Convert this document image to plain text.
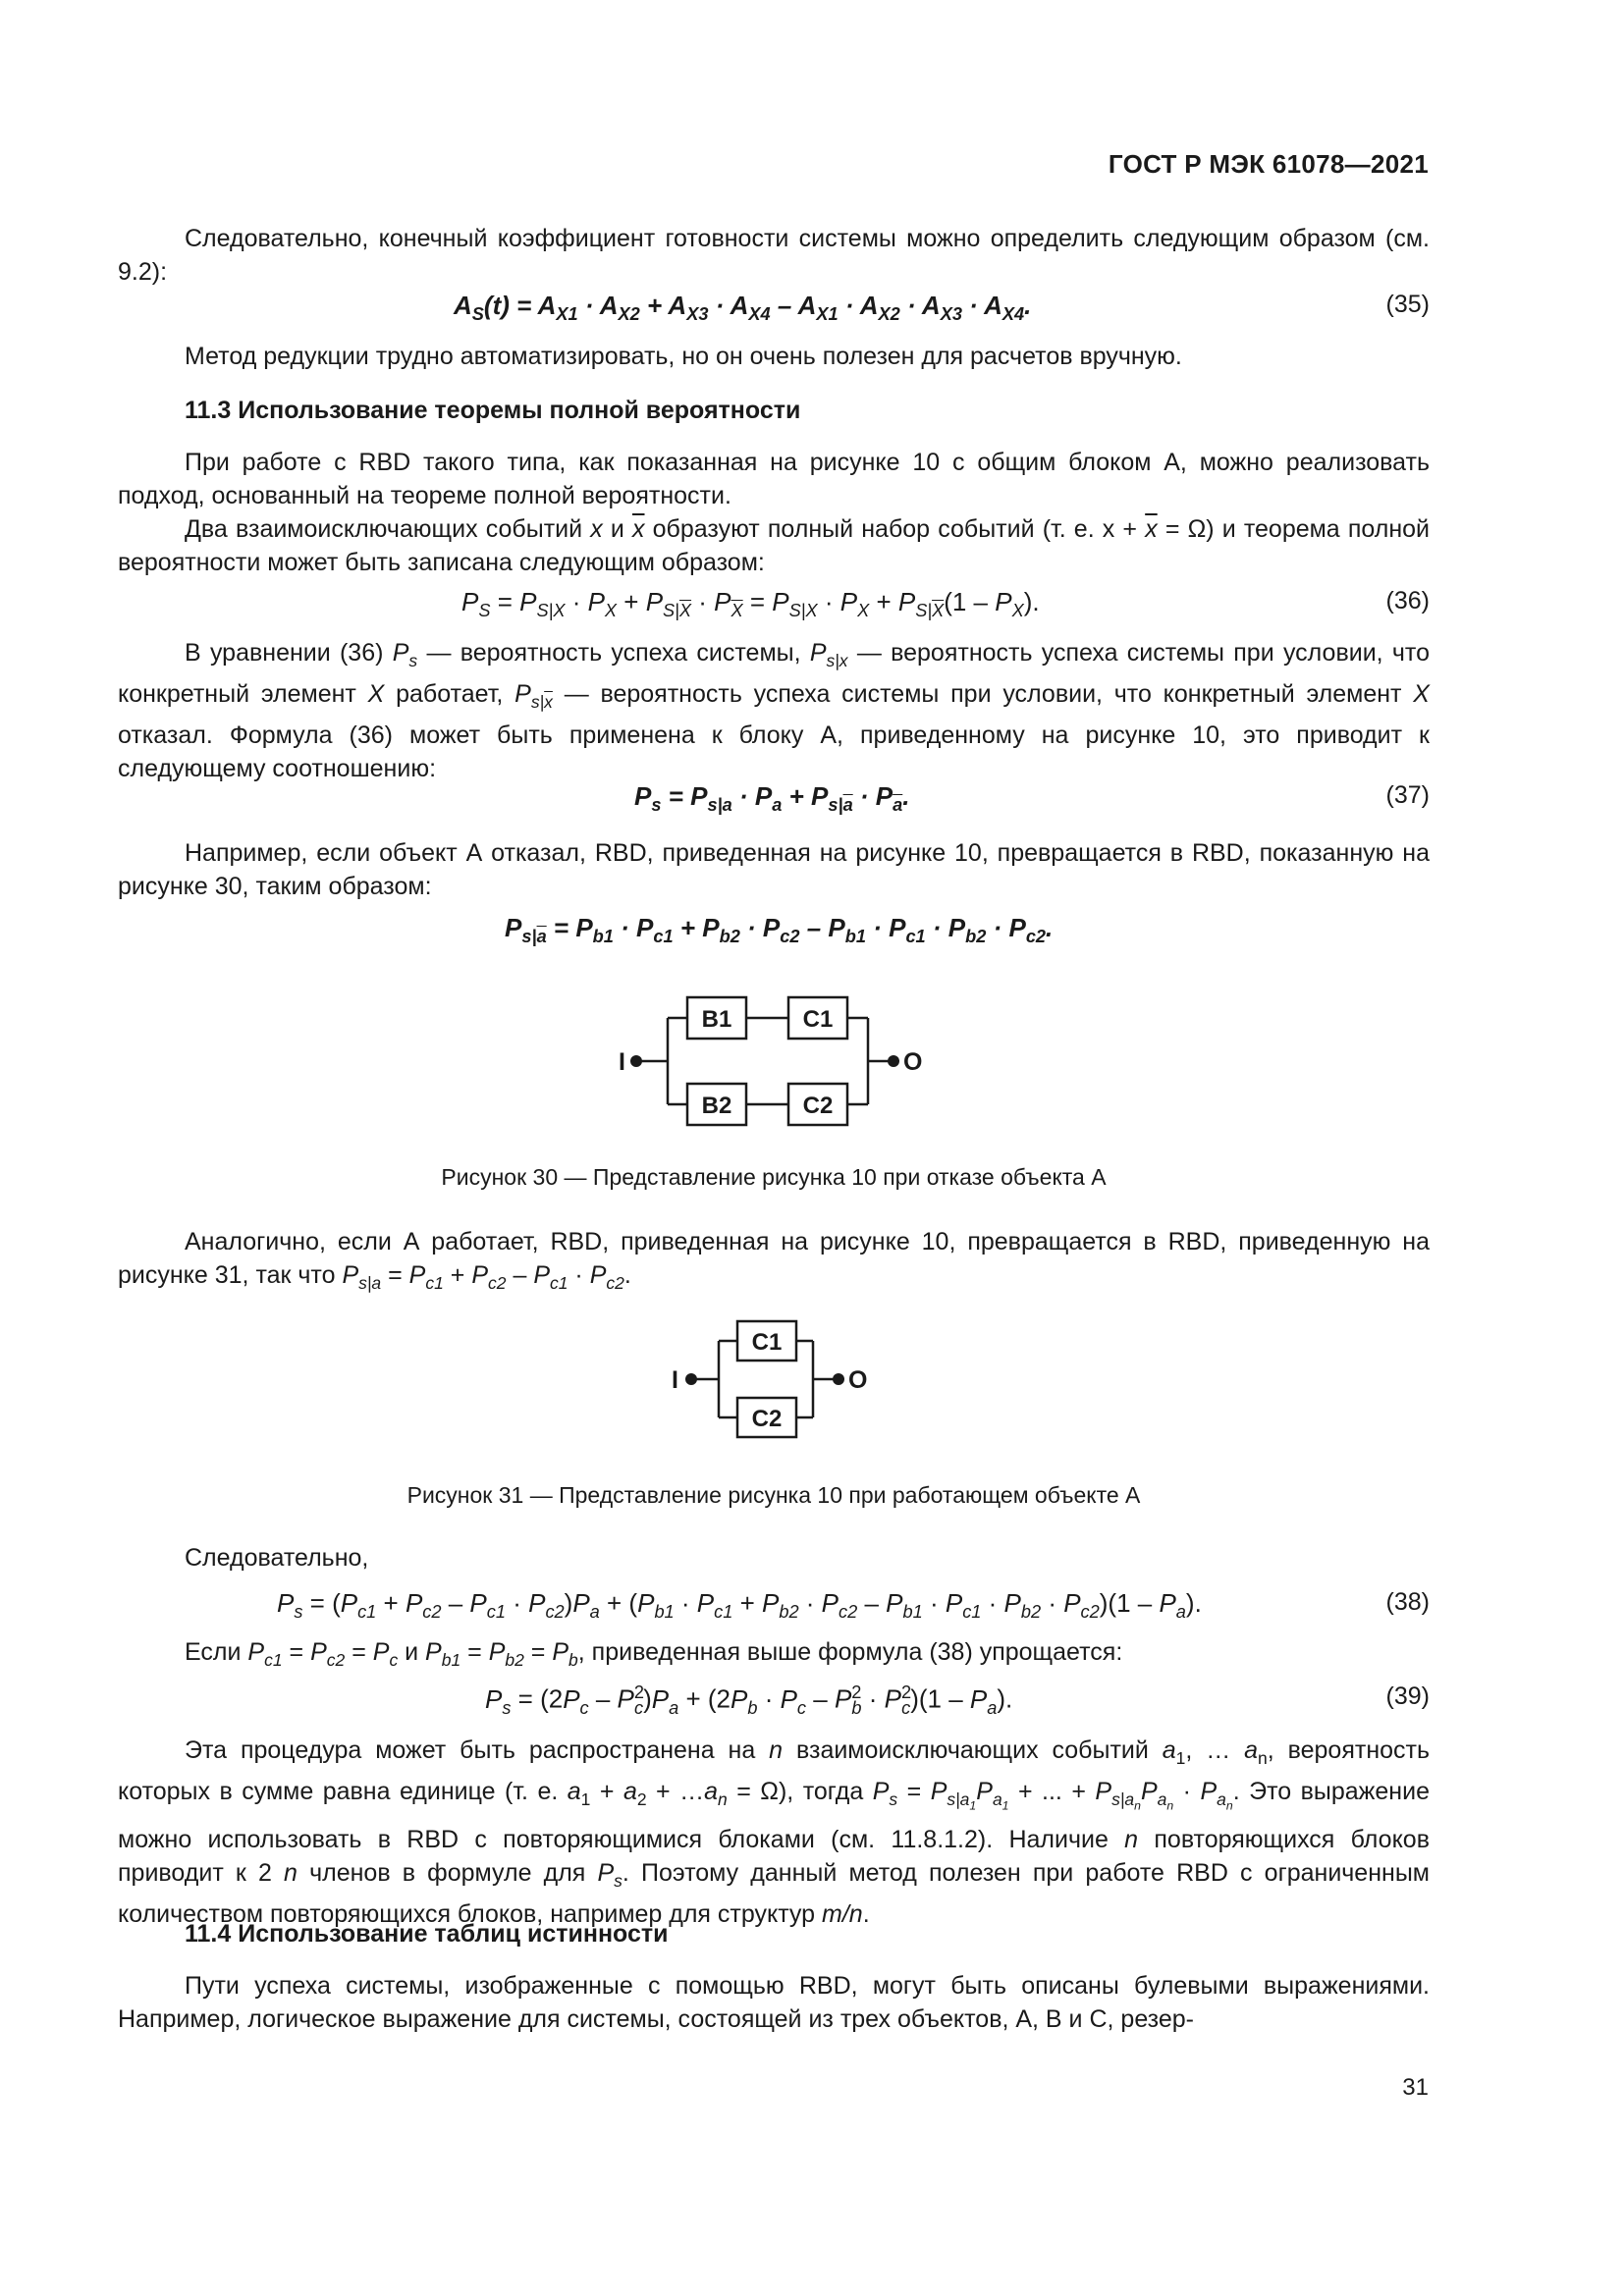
ГОСТ Р МЭК 61078—2021
Следовательно, конечный коэффициент готовности системы можно определить следующим образом (см. 9.2):
$A_S(t) = A_{X1} \cdot A_{X2} + A_{X3} \cdot A_{X4} - A_{X1} \cdot A_{X2} \cdot A_{X3} \cdot A_{X4}$.	(35)
Метод редукции трудно автоматизировать, но он очень полезен для расчетов вручную.
11.3 Использование теоремы полной вероятности
При работе с RBD такого типа, как показанная на рисунке 10 с общим блоком А, можно реализовать подход, основанный на теореме полной вероятности.
Два взаимоисключающих событий x и $\overline{x}$ образуют полный набор событий (т. е. $x + \overline{x} = \Omega$) и теорема полной вероятности может быть записана следующим образом:
$P_S = P_{S|X} \cdot P_X + P_{S|\overline{X}} \cdot P_{\overline{X}} = P_{S|X} \cdot P_X + P_{S|\overline{X}}(1 - P_X)$.	(36)
В уравнении (36) $P_s$ — вероятность успеха системы, $P_{s|x}$ — вероятность успеха системы при условии, что конкретный элемент X работает, $P_{s|\overline{x}}$ — вероятность успеха системы при условии, что конкретный элемент X отказал. Формула (36) может быть применена к блоку А, приведенному на рисунке 10, это приводит к следующему соотношению:
$P_s = P_{s|a} \cdot P_a + P_{s|\overline{a}} \cdot P_{\overline{a}}$.	(37)
Например, если объект А отказал, RBD, приведенная на рисунке 10, превращается в RBD, показанную на рисунке 30, таким образом:
$P_{s|\overline{a}} = P_{b1} \cdot P_{c1} + P_{b2} \cdot P_{c2} - P_{b1} \cdot P_{c1} \cdot P_{b2} \cdot P_{c2}$.
B1	C1
B2	C2
I	O
Рисунок 30 — Представление рисунка 10 при отказе объекта А
Аналогично, если А работает, RBD, приведенная на рисунке 10, превращается в RBD, приведенную на рисунке 31, так что $P_{s|a} = P_{c1} + P_{c2} - P_{c1} \cdot P_{c2}$.
C1
C2
I	O
Рисунок 31 — Представление рисунка 10 при работающем объекте А
Следовательно,
$P_s = (P_{c1} + P_{c2} - P_{c1} \cdot P_{c2})P_a + (P_{b1} \cdot P_{c1} + P_{b2} \cdot P_{c2} - P_{b1} \cdot P_{c1} \cdot P_{b2} \cdot P_{c2})(1 - P_a)$.	(38)
Если $P_{c1} = P_{c2} = P_c$ и $P_{b1} = P_{b2} = P_b$, приведенная выше формула (38) упрощается:
$P_s = (2P_c - P^2_c)P_a + (2P_b \cdot P_c - P^2_b \cdot P^2_c)(1 - P_a)$.	(39)
Эта процедура может быть распространена на n взаимоисключающих событий $a_1$, … $a_n$, вероятность которых в сумме равна единице (т. е. $a_1 + a_2$ + $\dots a_n = \Omega$), тогда $P_s = P_{s|a_1}P_{a_1}$ + ... + $P_{s|a_n}P_{a_n} \cdot P_{a_n}$. Это выражение можно использовать в RBD с повторяющимися блоками (см. 11.8.1.2). Наличие n повторяющихся блоков приводит к 2 n членов в формуле для $P_s$. Поэтому данный метод полезен при работе RBD с ограниченным количеством повторяющихся блоков, например для структур m/n.
11.4 Использование таблиц истинности
Пути успеха системы, изображенные с помощью RBD, могут быть описаны булевыми выражениями. Например, логическое выражение для системы, состоящей из трех объектов, А, В и С, резер-
31
